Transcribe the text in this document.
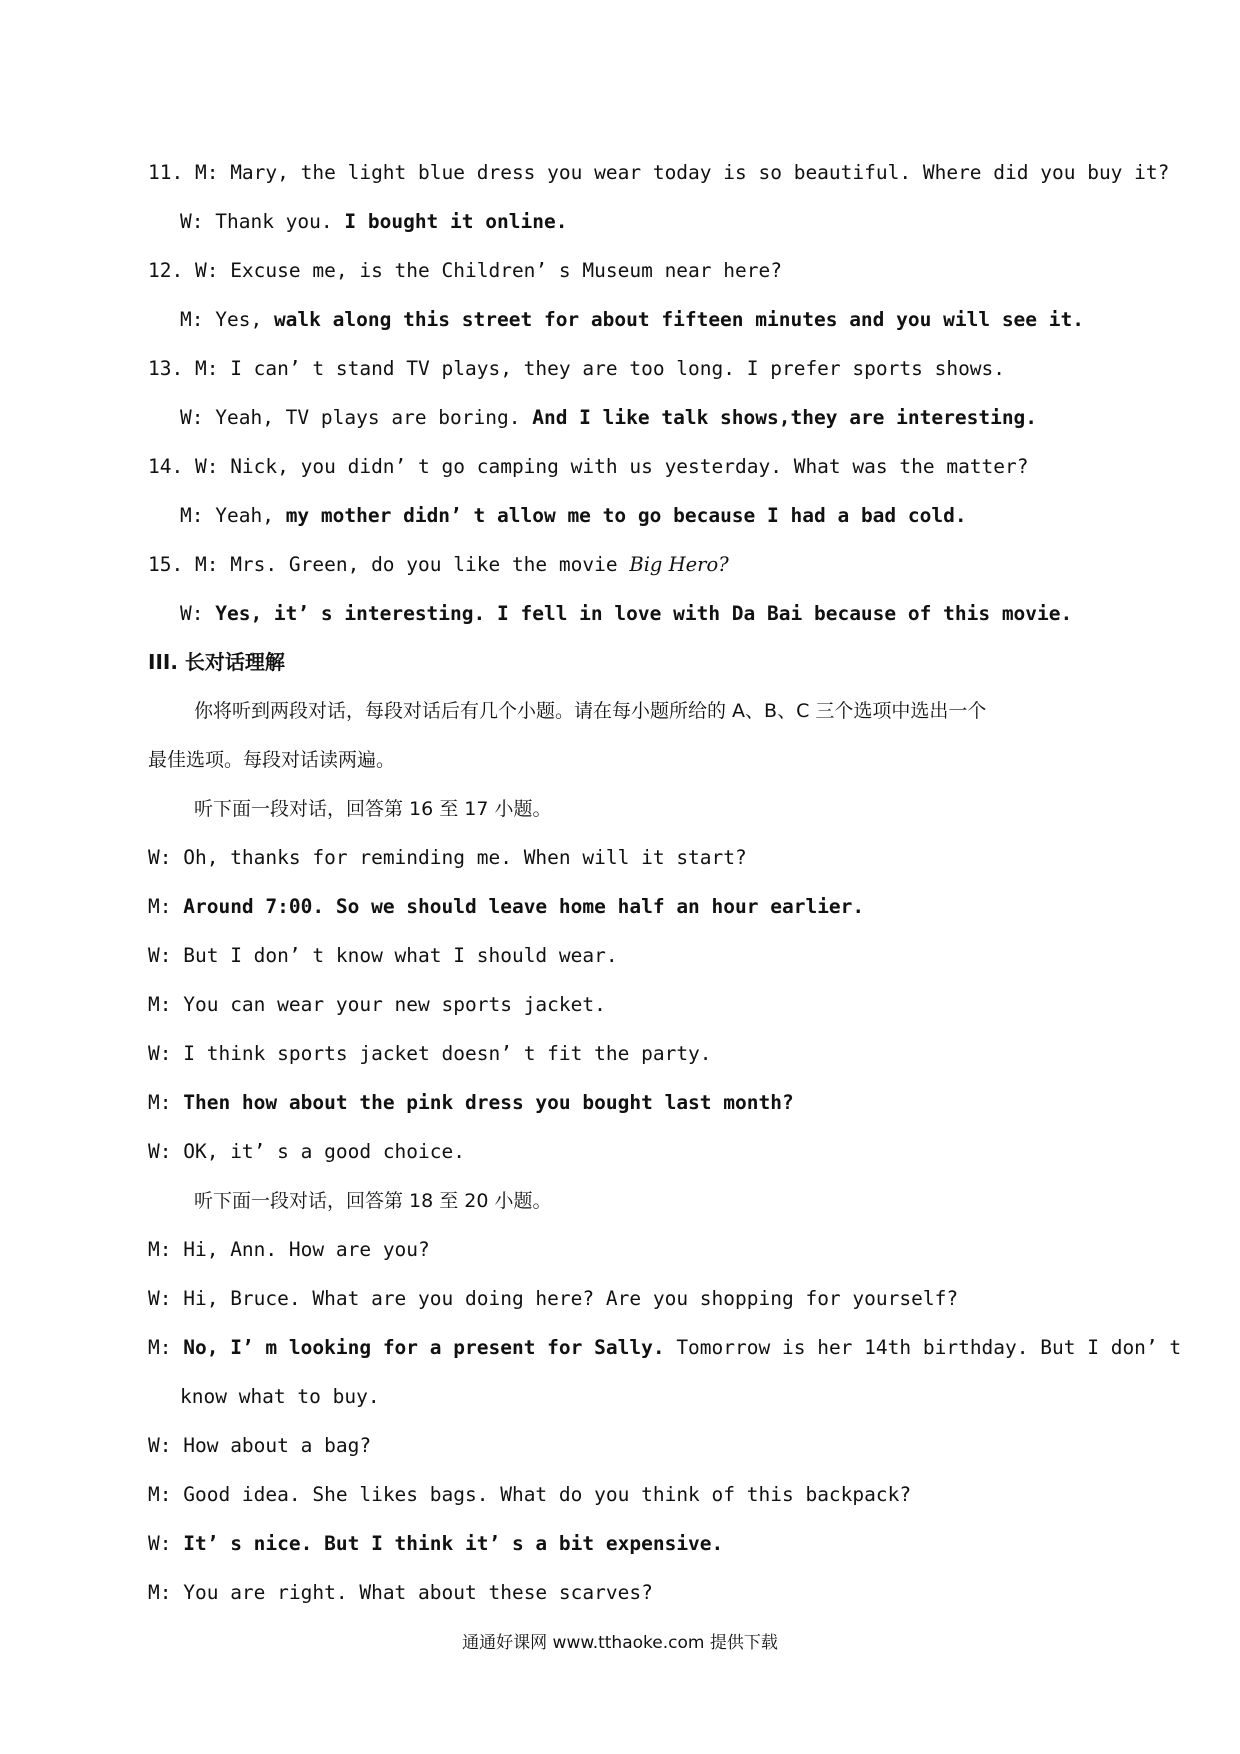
11. M: Mary, the light blue dress you wear today is so beautiful. Where did you buy it?
W: Thank you. I bought it online.
12. W: Excuse me, is the Children’ s Museum near here?
M: Yes, walk along this street for about fifteen minutes and you will see it.
13. M: I can’ t stand TV plays, they are too long. I prefer sports shows.
W: Yeah, TV plays are boring. And I like talk shows,they are interesting.
14. W: Nick, you didn’ t go camping with us yesterday. What was the matter?
M: Yeah, my mother didn’ t allow me to go because I had a bad cold.
15. M: Mrs. Green, do you like the movie Big Hero?
W: Yes, it’ s interesting. I fell in love with Da Bai because of this movie.
III. 长对话理解
你将听到两段对话，每段对话后有几个小题。请在每小题所给的 A、B、C 三个选项中选出一个
最佳选项。每段对话读两遍。
听下面一段对话，回答第 16 至 17 小题。
W: Oh, thanks for reminding me. When will it start?
M: Around 7:00. So we should leave home half an hour earlier.
W: But I don’ t know what I should wear.
M: You can wear your new sports jacket.
W: I think sports jacket doesn’ t fit the party.
M: Then how about the pink dress you bought last month?
W: OK, it’ s a good choice.
听下面一段对话，回答第 18 至 20 小题。
M: Hi, Ann. How are you?
W: Hi, Bruce. What are you doing here? Are you shopping for yourself?
M: No, I’ m looking for a present for Sally. Tomorrow is her 14th birthday. But I don’ t
know what to buy.
W: How about a bag?
M: Good idea. She likes bags. What do you think of this backpack?
W: It’ s nice. But I think it’ s a bit expensive.
M: You are right. What about these scarves?
通通好课网 www.tthaoke.com 提供下载
